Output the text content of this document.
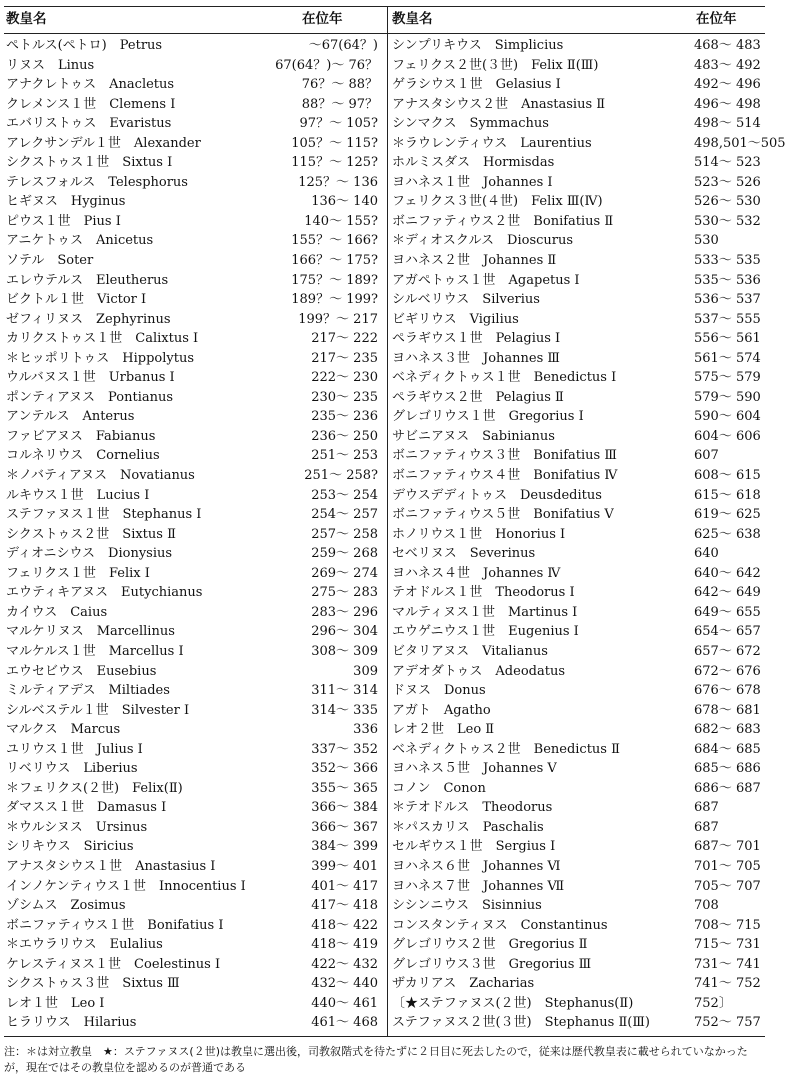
教皇名	在位年
ペトルス(ペトロ)　Petrus	～67(64？)
リヌス　Linus	67(64？)～ 76？
アナクレトゥス　Anacletus	76？～ 88？
クレメンス１世　Clemens Ⅰ	88？～ 97？
エバリストゥス　Evaristus	97？～ 105?
アレクサンデル１世　Alexander	105？～ 115?
シクストゥス１世　Sixtus Ⅰ	115？～ 125?
テレスフォルス　Telesphorus	125？～ 136
ヒギヌス　Hyginus	136～ 140
ピウス１世　Pius Ⅰ	140～ 155?
アニケトゥス　Anicetus	155？～ 166?
ソテル　Soter	166？～ 175?
エレウテルス　Eleutherus	175？～ 189?
ビクトル１世　Victor Ⅰ	189？～ 199?
ゼフィリヌス　Zephyrinus	199？～ 217
カリクストゥス１世　Calixtus Ⅰ	217～ 222
＊ヒッポリトゥス　Hippolytus	217～ 235
ウルバヌス１世　Urbanus Ⅰ	222～ 230
ポンティアヌス　Pontianus	230～ 235
アンテルス　Anterus	235～ 236
ファビアヌス　Fabianus	236～ 250
コルネリウス　Cornelius	251～ 253
＊ノバティアヌス　Novatianus	251～ 258?
ルキウス１世　Lucius Ⅰ	253～ 254
ステファヌス１世　Stephanus Ⅰ	254～ 257
シクストゥス２世　Sixtus Ⅱ	257～ 258
ディオニシウス　Dionysius	259～ 268
フェリクス１世　Felix Ⅰ	269～ 274
エウティキアヌス　Eutychianus	275～ 283
カイウス　Caius	283～ 296
マルケリヌス　Marcellinus	296～ 304
マルケルス１世　Marcellus Ⅰ	308～ 309
エウセビウス　Eusebius	309
ミルティアデス　Miltiades	311～ 314
シルベステル１世　Silvester Ⅰ	314～ 335
マルクス　Marcus	336
ユリウス１世　Julius Ⅰ	337～ 352
リベリウス　Liberius	352～ 366
＊フェリクス(２世)　Felix(Ⅱ)	355～ 365
ダマスス１世　Damasus Ⅰ	366～ 384
＊ウルシヌス　Ursinus	366～ 367
シリキウス　Siricius	384～ 399
アナスタシウス１世　Anastasius Ⅰ	399～ 401
インノケンティウス１世　Innocentius Ⅰ	401～ 417
ゾシムス　Zosimus	417～ 418
ボニファティウス１世　Bonifatius Ⅰ	418～ 422
＊エウラリウス　Eulalius	418～ 419
ケレスティヌス１世　Coelestinus Ⅰ	422～ 432
シクストゥス３世　Sixtus Ⅲ	432～ 440
レオ１世　Leo Ⅰ	440～ 461
ヒラリウス　Hilarius	461～ 468
教皇名	在位年
シンプリキウス　Simplicius	468～ 483
フェリクス２世(３世)　Felix Ⅱ(Ⅲ)	483～ 492
ゲラシウス１世　Gelasius Ⅰ	492～ 496
アナスタシウス２世　Anastasius Ⅱ	496～ 498
シンマクス　Symmachus	498～ 514
＊ラウレンティウス　Laurentius	498,501～505
ホルミスダス　Hormisdas	514～ 523
ヨハネス１世　Johannes Ⅰ	523～ 526
フェリクス３世(４世)　Felix Ⅲ(Ⅳ)	526～ 530
ボニファティウス２世　Bonifatius Ⅱ	530～ 532
＊ディオスクルス　Dioscurus	530
ヨハネス２世　Johannes Ⅱ	533～ 535
アガペトゥス１世　Agapetus Ⅰ	535～ 536
シルベリウス　Silverius	536～ 537
ビギリウス　Vigilius	537～ 555
ペラギウス１世　Pelagius Ⅰ	556～ 561
ヨハネス３世　Johannes Ⅲ	561～ 574
ベネディクトゥス１世　Benedictus Ⅰ	575～ 579
ペラギウス２世　Pelagius Ⅱ	579～ 590
グレゴリウス１世　Gregorius Ⅰ	590～ 604
サビニアヌス　Sabinianus	604～ 606
ボニファティウス３世　Bonifatius Ⅲ	607
ボニファティウス４世　Bonifatius Ⅳ	608～ 615
デウスデディトゥス　Deusdeditus	615～ 618
ボニファティウス５世　Bonifatius Ⅴ	619～ 625
ホノリウス１世　Honorius Ⅰ	625～ 638
セベリヌス　Severinus	640
ヨハネス４世　Johannes Ⅳ	640～ 642
テオドルス１世　Theodorus Ⅰ	642～ 649
マルティヌス１世　Martinus Ⅰ	649～ 655
エウゲニウス１世　Eugenius Ⅰ	654～ 657
ビタリアヌス　Vitalianus	657～ 672
アデオダトゥス　Adeodatus	672～ 676
ドヌス　Donus	676～ 678
アガト　Agatho	678～ 681
レオ２世　Leo Ⅱ	682～ 683
ベネディクトゥス２世　Benedictus Ⅱ	684～ 685
ヨハネス５世　Johannes Ⅴ	685～ 686
コノン　Conon	686～ 687
＊テオドルス　Theodorus	687
＊パスカリス　Paschalis	687
セルギウス１世　Sergius Ⅰ	687～ 701
ヨハネス６世　Johannes Ⅵ	701～ 705
ヨハネス７世　Johannes Ⅶ	705～ 707
シシンニウス　Sisinnius	708
コンスタンティヌス　Constantinus	708～ 715
グレゴリウス２世　Gregorius Ⅱ	715～ 731
グレゴリウス３世　Gregorius Ⅲ	731～ 741
ザカリアス　Zacharias	741～ 752
〔★ステファヌス(２世)　Stephanus(Ⅱ)	752〕
ステファヌス２世(３世)　Stephanus Ⅱ(Ⅲ)	752～ 757
注：＊は対立教皇　★：ステファヌス(２世)は教皇に選出後，司教叙階式を待たずに２日目に死去したので，従来は歴代教皇表に載せられていなかったが，現在ではその教皇位を認めるのが普通である
